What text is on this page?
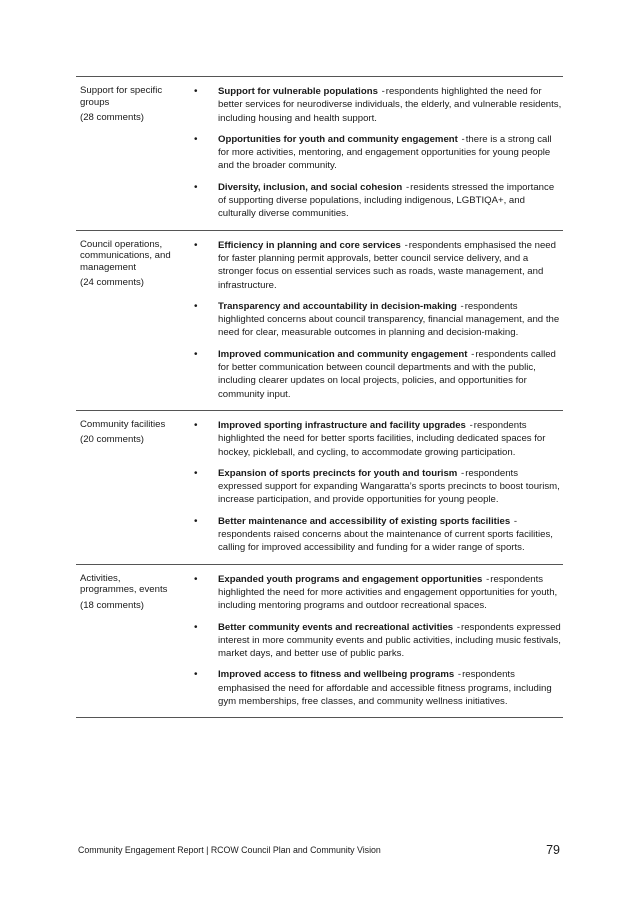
Support for specific groups
(28 comments)
• Support for vulnerable populations -respondents highlighted the need for better services for neurodiverse individuals, the elderly, and vulnerable residents, including housing and health support.
• Opportunities for youth and community engagement -there is a strong call for more activities, mentoring, and engagement opportunities for young people and the broader community.
• Diversity, inclusion, and social cohesion -residents stressed the importance of supporting diverse populations, including indigenous, LGBTIQA+, and culturally diverse communities.
Council operations, communications, and management
(24 comments)
• Efficiency in planning and core services -respondents emphasised the need for faster planning permit approvals, better council service delivery, and a stronger focus on essential services such as roads, waste management, and infrastructure.
• Transparency and accountability in decision-making -respondents highlighted concerns about council transparency, financial management, and the need for clear, measurable outcomes in planning and decision-making.
• Improved communication and community engagement -respondents called for better communication between council departments and with the public, including clearer updates on local projects, policies, and opportunities for community input.
Community facilities
(20 comments)
• Improved sporting infrastructure and facility upgrades -respondents highlighted the need for better sports facilities, including dedicated spaces for hockey, pickleball, and cycling, to accommodate growing participation.
• Expansion of sports precincts for youth and tourism -respondents expressed support for expanding Wangaratta’s sports precincts to boost tourism, increase participation, and provide opportunities for young people.
• Better maintenance and accessibility of existing sports facilities -respondents raised concerns about the maintenance of current sports facilities, calling for improved accessibility and funding for a wider range of sports.
Activities, programmes, events
(18 comments)
• Expanded youth programs and engagement opportunities -respondents highlighted the need for more activities and engagement opportunities for youth, including mentoring programs and outdoor recreational spaces.
• Better community events and recreational activities -respondents expressed interest in more community events and public activities, including music festivals, market days, and better use of public parks.
• Improved access to fitness and wellbeing programs -respondents emphasised the need for affordable and accessible fitness programs, including gym memberships, free classes, and community wellness initiatives.
Community Engagement Report | RCOW Council Plan and Community Vision	79
